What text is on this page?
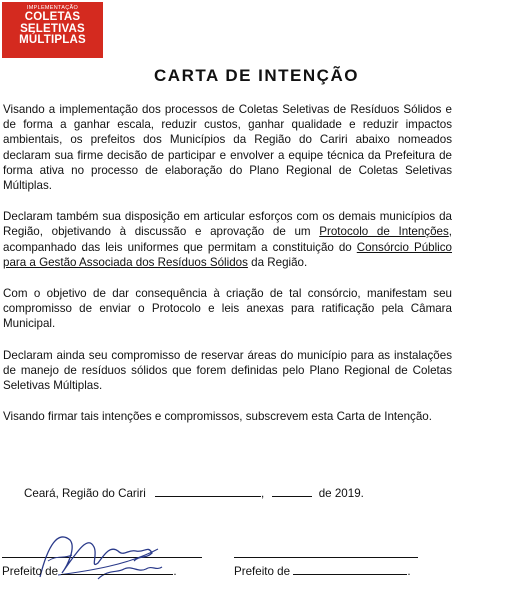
IMPLEMENTAÇÃO
COLETAS
SELETIVAS
MÚLTIPLAS
CARTA DE INTENÇÃO

Visando a implementação dos processos de Coletas Seletivas de Resíduos Sólidos e de forma a ganhar escala, reduzir custos, ganhar qualidade e reduzir impactos ambientais, os prefeitos dos Municípios da Região do Cariri abaixo nomeados declaram sua firme decisão de participar e envolver a equipe técnica da Prefeitura de forma ativa no processo de elaboração do Plano Regional de Coletas Seletivas Múltiplas.

Declaram também sua disposição em articular esforços com os demais municípios da Região, objetivando à discussão e aprovação de um Protocolo de Intenções, acompanhado das leis uniformes que permitam a constituição do Consórcio Público para a Gestão Associada dos Resíduos Sólidos da Região.

Com o objetivo de dar consequência à criação de tal consórcio, manifestam seu compromisso de enviar o Protocolo e leis anexas para ratificação pela Câmara Municipal.

Declaram ainda seu compromisso de reservar áreas do município para as instalações de manejo de resíduos sólidos que forem definidas pelo Plano Regional de Coletas Seletivas Múltiplas.

Visando firmar tais intenções e compromissos, subscrevem esta Carta de Intenção.

Ceará, Região do Cariri	,	de 2019.
Prefeito de	.	Prefeito de	.
